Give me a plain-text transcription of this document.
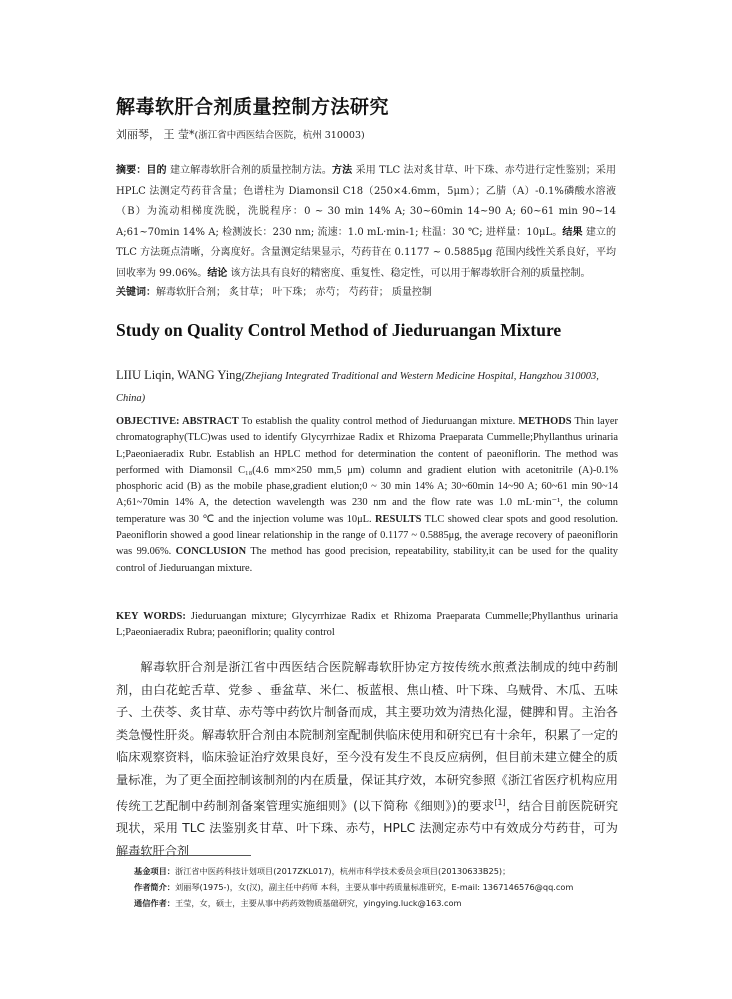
解毒软肝合剂质量控制方法研究
刘丽琴， 王 莹*(浙江省中西医结合医院，杭州 310003)
摘要：目的 建立解毒软肝合剂的质量控制方法。方法 采用 TLC 法对炙甘草、叶下珠、赤芍进行定性鉴别；采用 HPLC 法测定芍药苷含量；色谱柱为 Diamonsil C18（250×4.6mm，5μm）；乙腈（A）-0.1%磷酸水溶液（B）为流动相梯度洗脱，洗脱程序：0 ~ 30 min 14% A; 30~60min 14~90 A; 60~61 min 90~14 A;61~70min 14% A; 检测波长：230 nm; 流速：1.0 mL·min-1; 柱温：30 ℃; 进样量：10μL。结果 建立的 TLC 方法斑点清晰，分离度好。含量测定结果显示，芍药苷在 0.1177 ~ 0.5885μg 范围内线性关系良好，平均回收率为 99.06%。结论 该方法具有良好的精密度、重复性、稳定性，可以用于解毒软肝合剂的质量控制。
关键词：解毒软肝合剂； 炙甘草； 叶下珠； 赤芍； 芍药苷； 质量控制
Study on Quality Control Method of Jieduruangan Mixture
LIIU Liqin, WANG Ying(Zhejiang Integrated Traditional and Western Medicine Hospital, Hangzhou 310003, China)
OBJECTIVE: ABSTRACT To establish the quality control method of Jieduruangan mixture. METHODS Thin layer chromatography(TLC)was used to identify Glycyrrhizae Radix et Rhizoma Praeparata Cummelle;Phyllanthus urinaria L;Paeoniaeradix Rubr. Establish an HPLC method for determination the content of paeoniflorin. The method was performed with Diamonsil C₁₈(4.6 mm×250 mm,5 μm) column and gradient elution with acetonitrile (A)-0.1% phosphoric acid (B) as the mobile phase,gradient elution;0 ~ 30 min 14% A; 30~60min 14~90 A; 60~61 min 90~14 A;61~70min 14% A, the detection wavelength was 230 nm and the flow rate was 1.0 mL·min⁻¹, the column temperature was 30 ℃ and the injection volume was 10μL. RESULTS TLC showed clear spots and good resolution. Paeoniflorin showed a good linear relationship in the range of 0.1177 ~ 0.5885μg, the average recovery of paeoniflorin was 99.06%. CONCLUSION The method has good precision, repeatability, stability,it can be used for the quality control of Jieduruangan mixture.
KEY WORDS: Jieduruangan mixture; Glycyrrhizae Radix et Rhizoma Praeparata Cummelle;Phyllanthus urinaria L;Paeoniaeradix Rubra; paeoniflorin; quality control

解毒软肝合剂是浙江省中西医结合医院解毒软肝协定方按传统水煎煮法制成的纯中药制剂，由白花蛇舌草、党参 、垂盆草、米仁、板蓝根、焦山楂、叶下珠、乌贼骨、木瓜、五味子、土茯苓、炙甘草、赤芍等中药饮片制备而成，其主要功效为清热化湿，健脾和胃。主治各类急慢性肝炎。解毒软肝合剂由本院制剂室配制供临床使用和研究已有十余年，积累了一定的临床观察资料，临床验证治疗效果良好，至今没有发生不良反应病例，但目前未建立健全的质量标准，为了更全面控制该制剂的内在质量，保证其疗效，本研究参照《浙江省医疗机构应用传统工艺配制中药制剂备案管理实施细则》(以下简称《细则》)的要求[1]，结合目前医院研究现状，采用 TLC 法鉴别炙甘草、叶下珠、赤芍，HPLC 法测定赤芍中有效成分芍药苷，可为解毒软肝合剂

基金项目：浙江省中医药科技计划项目(2017ZKL017)，杭州市科学技术委员会项目(20130633B25)；
作者简介：刘丽琴(1975-)，女(汉)，副主任中药师 本科，主要从事中药质量标准研究，E-mail: 1367146576@qq.com
通信作者：王莹，女，硕士，主要从事中药药效物质基础研究，yingying.luck@163.com
